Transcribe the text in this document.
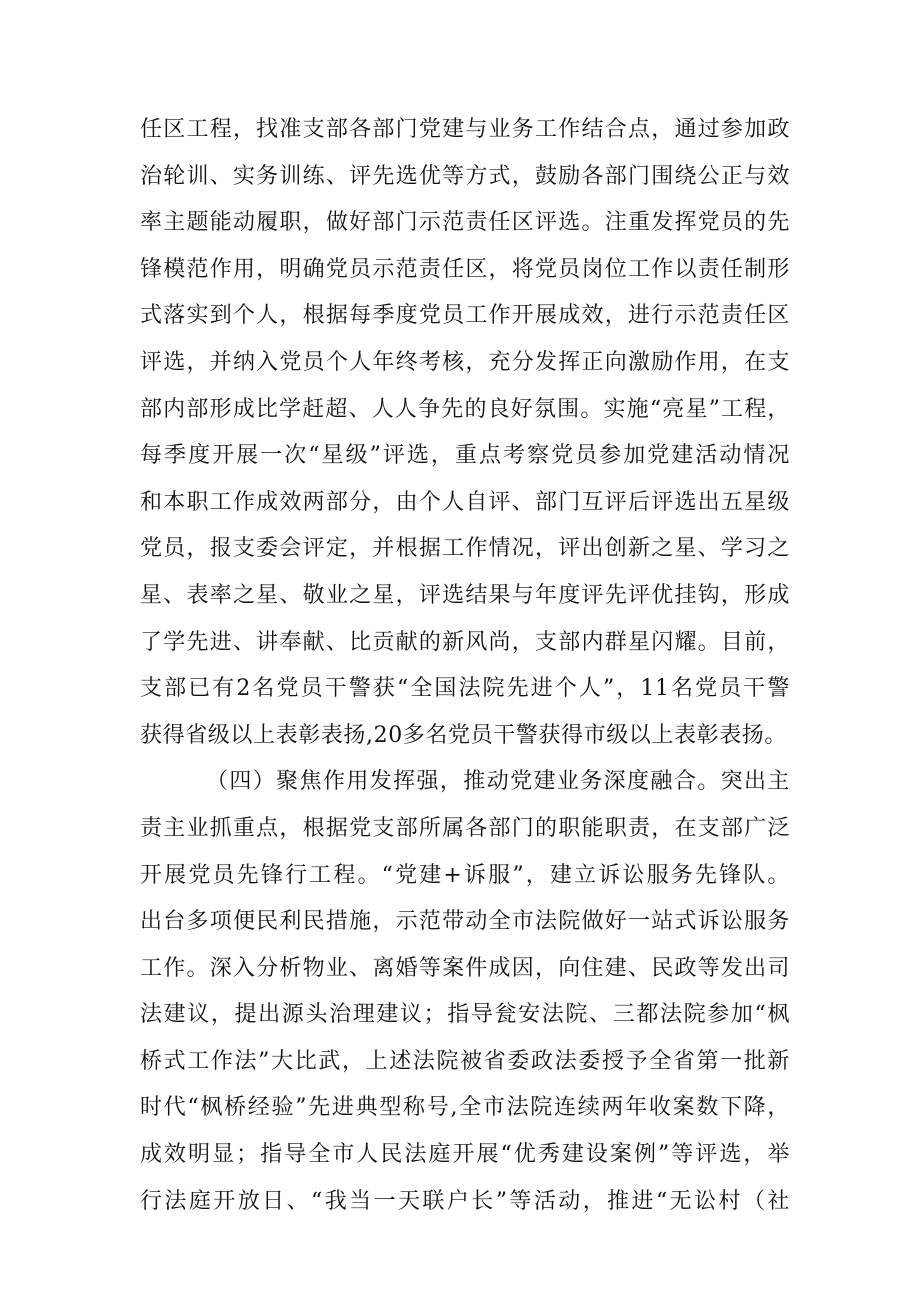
任区工程，找准支部各部门党建与业务工作结合点，通过参加政
治轮训、实务训练、评先选优等方式，鼓励各部门围绕公正与效
率主题能动履职，做好部门示范责任区评选。注重发挥党员的先
锋模范作用，明确党员示范责任区，将党员岗位工作以责任制形
式落实到个人，根据每季度党员工作开展成效，进行示范责任区
评选，并纳入党员个人年终考核，充分发挥正向激励作用，在支
部内部形成比学赶超、人人争先的良好氛围。实施“亮星”工程，
每季度开展一次“星级”评选，重点考察党员参加党建活动情况
和本职工作成效两部分，由个人自评、部门互评后评选出五星级
党员，报支委会评定，并根据工作情况，评出创新之星、学习之
星、表率之星、敬业之星，评选结果与年度评先评优挂钩，形成
了学先进、讲奉献、比贡献的新风尚，支部内群星闪耀。目前，
支部已有2名党员干警获“全国法院先进个人”，11名党员干警
获得省级以上表彰表扬,20多名党员干警获得市级以上表彰表扬。
（四）聚焦作用发挥强，推动党建业务深度融合。突出主
责主业抓重点，根据党支部所属各部门的职能职责，在支部广泛
开展党员先锋行工程。“党建+诉服”，建立诉讼服务先锋队。
出台多项便民利民措施，示范带动全市法院做好一站式诉讼服务
工作。深入分析物业、离婚等案件成因，向住建、民政等发出司
法建议，提出源头治理建议；指导瓮安法院、三都法院参加“枫
桥式工作法”大比武，上述法院被省委政法委授予全省第一批新
时代“枫桥经验”先进典型称号,全市法院连续两年收案数下降，
成效明显；指导全市人民法庭开展“优秀建设案例”等评选，举
行法庭开放日、“我当一天联户长”等活动，推进“无讼村（社
